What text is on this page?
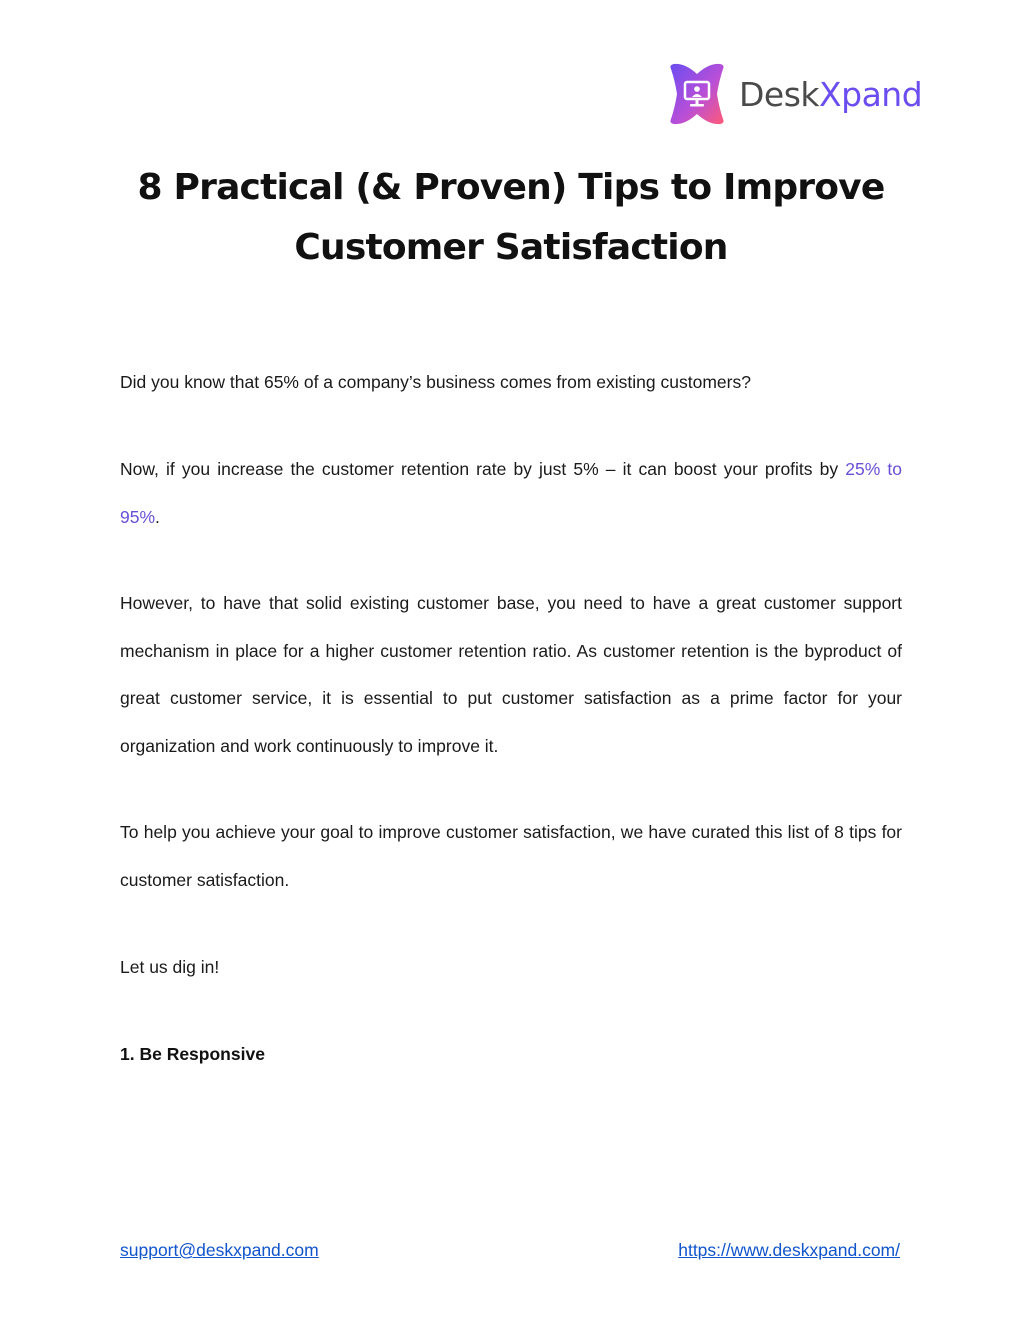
DeskXpand
8 Practical (& Proven) Tips to Improve Customer Satisfaction

Did you know that 65% of a company’s business comes from existing customers?

Now, if you increase the customer retention rate by just 5% – it can boost your profits by 25% to 95%.

However, to have that solid existing customer base, you need to have a great customer support mechanism in place for a higher customer retention ratio. As customer retention is the byproduct of great customer service, it is essential to put customer satisfaction as a prime factor for your organization and work continuously to improve it.

To help you achieve your goal to improve customer satisfaction, we have curated this list of 8 tips for customer satisfaction.

Let us dig in!

1. Be Responsive
support@deskxpand.com	https://www.deskxpand.com/
